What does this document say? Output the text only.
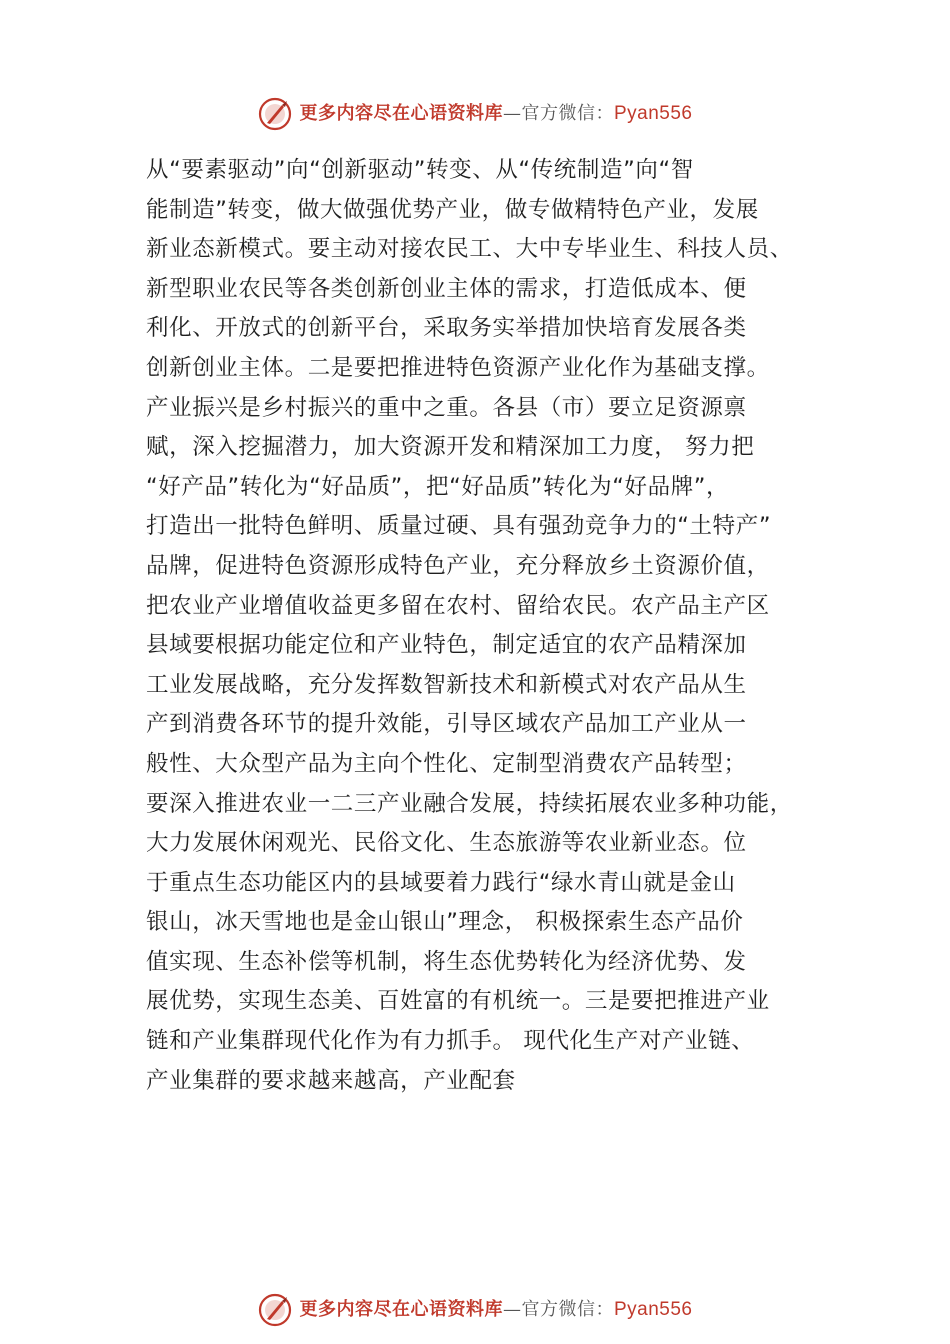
更多内容尽在心语资料库—官方微信：Pyan556
从“要素驱动”向“创新驱动”转变、从“传统制造”向“智
能制造”转变，做大做强优势产业，做专做精特色产业，发展
新业态新模式。要主动对接农民工、大中专毕业生、科技人员、
新型职业农民等各类创新创业主体的需求，打造低成本、便
利化、开放式的创新平台，采取务实举措加快培育发展各类
创新创业主体。二是要把推进特色资源产业化作为基础支撑。
产业振兴是乡村振兴的重中之重。各县（市）要立足资源禀
赋，深入挖掘潜力，加大资源开发和精深加工力度， 努力把
“好产品”转化为“好品质”，把“好品质”转化为“好品牌”，
打造出一批特色鲜明、质量过硬、具有强劲竞争力的“土特产”
品牌，促进特色资源形成特色产业，充分释放乡土资源价值，
把农业产业增值收益更多留在农村、留给农民。农产品主产区
县域要根据功能定位和产业特色，制定适宜的农产品精深加
工业发展战略，充分发挥数智新技术和新模式对农产品从生
产到消费各环节的提升效能，引导区域农产品加工产业从一
般性、大众型产品为主向个性化、定制型消费农产品转型；
要深入推进农业一二三产业融合发展，持续拓展农业多种功能，
大力发展休闲观光、民俗文化、生态旅游等农业新业态。位
于重点生态功能区内的县域要着力践行“绿水青山就是金山
银山，冰天雪地也是金山银山”理念， 积极探索生态产品价
值实现、生态补偿等机制，将生态优势转化为经济优势、发
展优势，实现生态美、百姓富的有机统一。三是要把推进产业
链和产业集群现代化作为有力抓手。 现代化生产对产业链、
产业集群的要求越来越高，产业配套
更多内容尽在心语资料库—官方微信：Pyan556
